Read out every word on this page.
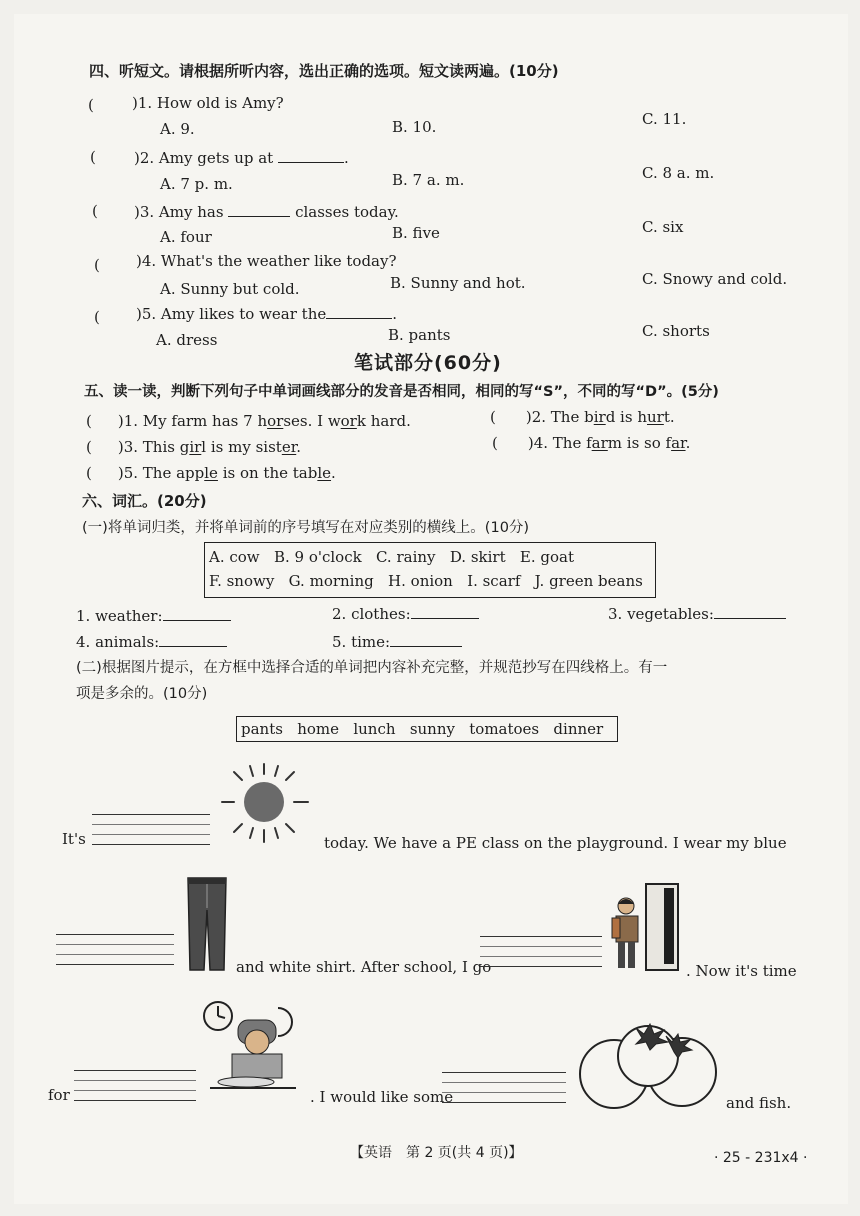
四、听短文。请根据所听内容，选出正确的选项。短文读两遍。(10分)
(	)1. How old is Amy?
A. 9.	B. 10.	C. 11.
(	)2. Amy gets up at	.
A. 7 p. m.	B. 7 a. m.	C. 8 a. m.
( )3. Amy has	classes today.
A. four	B. five	C. six
( )4. What's the weather like today?
A. Sunny but cold.	B. Sunny and hot.	C. Snowy and cold.
( )5. Amy likes to wear the	.
A. dress	B. pants	C. shorts
笔试部分(60分)
五、读一读，判断下列句子中单词画线部分的发音是否相同，相同的写“S”，不同的写“D”。(5分)
( )1. My farm has 7 horses. I work hard.	( )2. The bird is hurt.
( )3. This girl is my sister.	( )4. The farm is so far.
( )5. The apple is on the table.
六、词汇。(20分)
(一)将单词归类，并将单词前的序号填写在对应类别的横线上。(10分)
A. cow   B. 9 o'clock   C. rainy   D. skirt   E. goat
F. snowy   G. morning   H. onion   I. scarf   J. green beans
1. weather:	2. clothes:	3. vegetables:
4. animals:	5. time:
(二)根据图片提示，在方框中选择合适的单词把内容补充完整，并规范抄写在四线格上。有一
项是多余的。(10分)
pants   home   lunch   sunny   tomatoes   dinner
It's	today. We have a PE class on the playground. I wear my blue
and white shirt. After school, I go	. Now it's time
for	. I would like some	and fish.
【英语　第 2 页(共 4 页)】	· 25 - 231x4 ·
